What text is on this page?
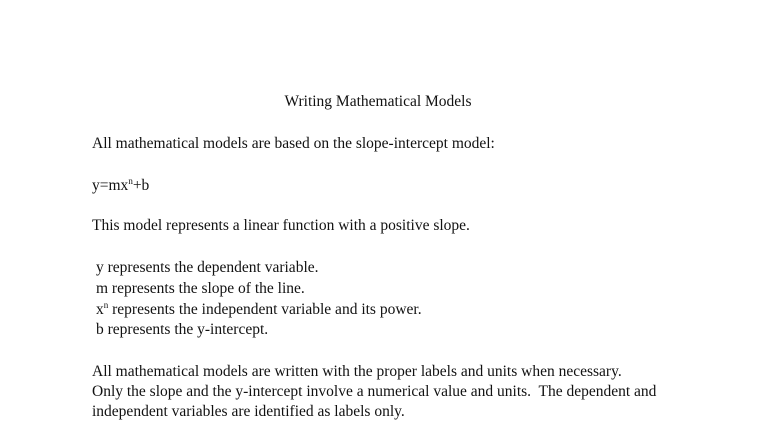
Writing Mathematical Models
All mathematical models are based on the slope-intercept model:
$y=mx^n+b$
This model represents a linear function with a positive slope.
y represents the dependent variable.
m represents the slope of the line.
$x^n$ represents the independent variable and its power.
b represents the y-intercept.
All mathematical models are written with the proper labels and units when necessary.
Only the slope and the y-intercept involve a numerical value and units.  The dependent and
independent variables are identified as labels only.
